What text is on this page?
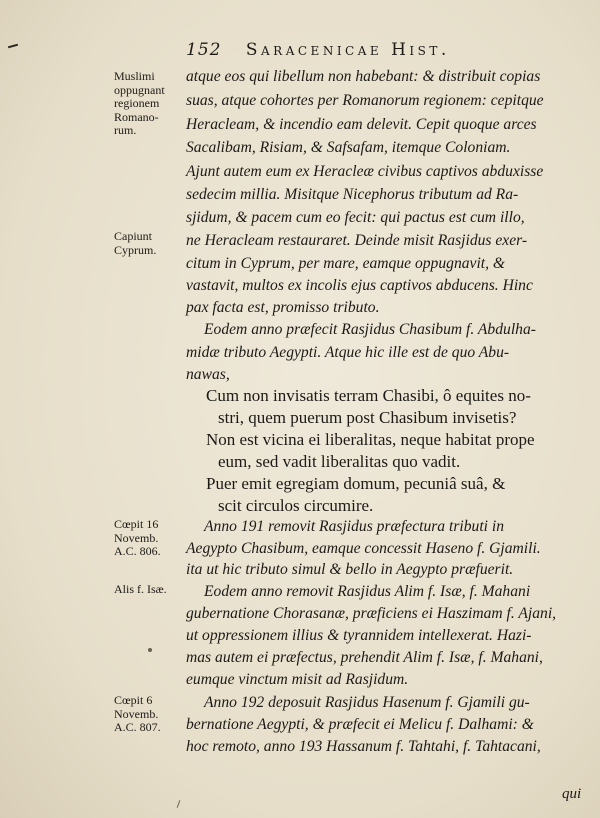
152 Saracenicae Hist.
Muslimi
oppugnant
regionem
Romano-
rum.
Capiunt
Cyprum.
Cœpit 16
Novemb.
A.C. 806.
Alis f. Isæ.
Cœpit 6
Novemb.
A.C. 807.
atque eos qui libellum non habebant: & distribuit copias
suas, atque cohortes per Romanorum regionem: cepitque
Heracleam, & incendio eam delevit. Cepit quoque arces
Sacalibam, Risiam, & Safsafam, itemque Coloniam.
Ajunt autem eum ex Heracleæ civibus captivos abduxisse
sedecim millia. Misitque Nicephorus tributum ad Ra-
sjidum, & pacem cum eo fecit: qui pactus est cum illo,
ne Heracleam restauraret. Deinde misit Rasjidus exer-
citum in Cyprum, per mare, eamque oppugnavit, &
vastavit, multos ex incolis ejus captivos abducens. Hinc
pax facta est, promisso tributo.
Eodem anno præfecit Rasjidus Chasibum f. Abdulha-
midæ tributo Aegypti. Atque hic ille est de quo Abu-
nawas,
Cum non invisatis terram Chasibi, ô equites no-
stri, quem puerum post Chasibum invisetis?
Non est vicina ei liberalitas, neque habitat prope
eum, sed vadit liberalitas quo vadit.
Puer emit egregiam domum, pecuniâ suâ, &
scit circulos circumire.
Anno 191 removit Rasjidus præfectura tributi in
Aegypto Chasibum, eamque concessit Hasenо f. Gjamili.
ita ut hic tributo simul & bello in Aegypto præfuerit.
Eodem anno removit Rasjidus Alim f. Isæ, f. Mahani
gubernatione Chorasanæ, præficiens ei Haszimam f. Ajani,
ut oppressionem illius & tyrannidem intellexerat. Hazi-
mas autem ei præfectus, prehendit Alim f. Isæ, f. Mahani,
eumque vinctum misit ad Rasjidum.
Anno 192 deposuit Rasjidus Hasenum f. Gjamili gu-
bernatione Aegypti, & præfecit ei Melicu f. Dalhami: &
hoc remoto, anno 193 Hassanum f. Tahtahi, f. Tahtacani,
qui
